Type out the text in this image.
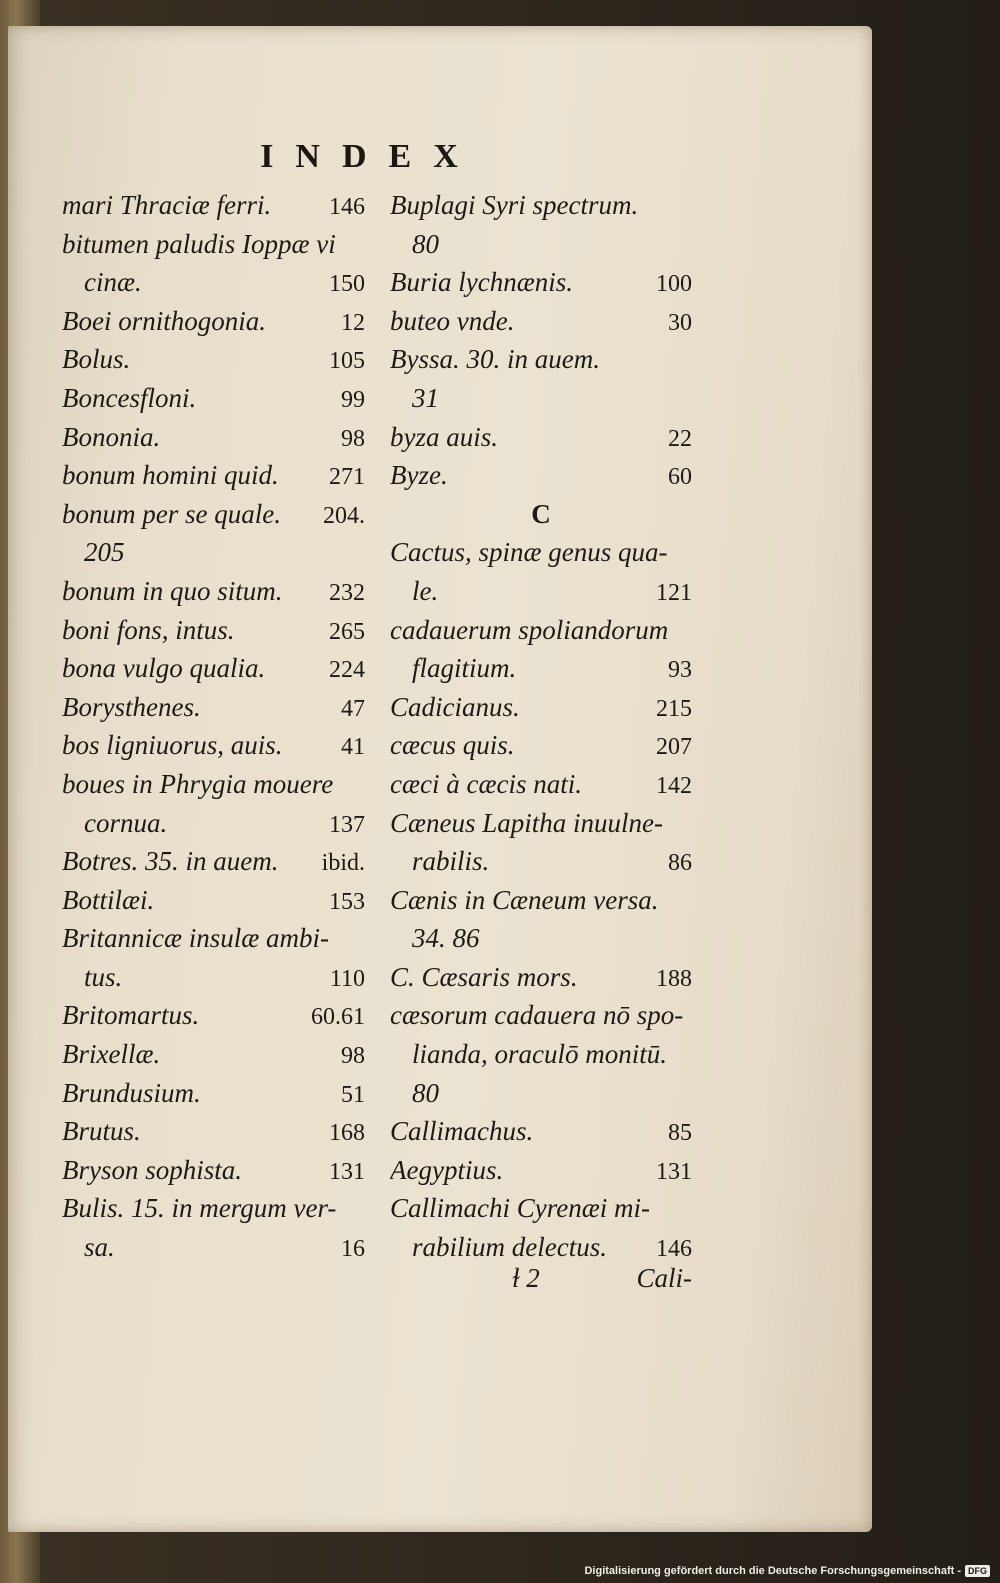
INDEX
mari Thraciæ ferri. 146
bitumen paludis Ioppæ vi
cinæ.	150
Boei ornithogonia.	12
Bolus.	105
Boncesfloni.	99
Bononia.	98
bonum homini quid. 271
bonum per se quale. 204.
205
bonum in quo situm. 232
boni fons, intus.	265
bona vulgo qualia.	224
Borysthenes.	47
bos ligniuorus, auis. 41
boues in Phrygia mouere
cornua.	137
Botres. 35. in auem. ibid.
Bottilæi.	153
Britannicæ insulæ ambi-
tus.	110
Britomartus.	60.61
Brixellæ.	98
Brundusium.	51
Brutus.	168
Bryson sophista.	131
Bulis. 15. in mergum ver-
sa.	16
Buplagi Syri spectrum.
80
Buria lychnænis.	100
buteo vnde.	30
Byssa. 30. in auem.
31
byza auis.	22
Byze.	60
C
Cactus, spinæ genus qua-
le.	121
cadauerum spoliandorum
flagitium.	93
Cadicianus.	215
cæcus quis.	207
cæci à cæcis nati.	142
Cæneus Lapitha inuulne-
rabilis.	86
Cænis in Cæneum versa.
34. 86
C. Cæsaris mors.	188
cæsorum cadauera nō spo-
lianda, oraculō monitū.
80
Callimachus.	85
Aegyptius.	131
Callimachi Cyrenæi mi-
rabilium delectus. 146
ɫ 2	Cali-
Digitalisierung gefördert durch die Deutsche Forschungsgemeinschaft - DFG
